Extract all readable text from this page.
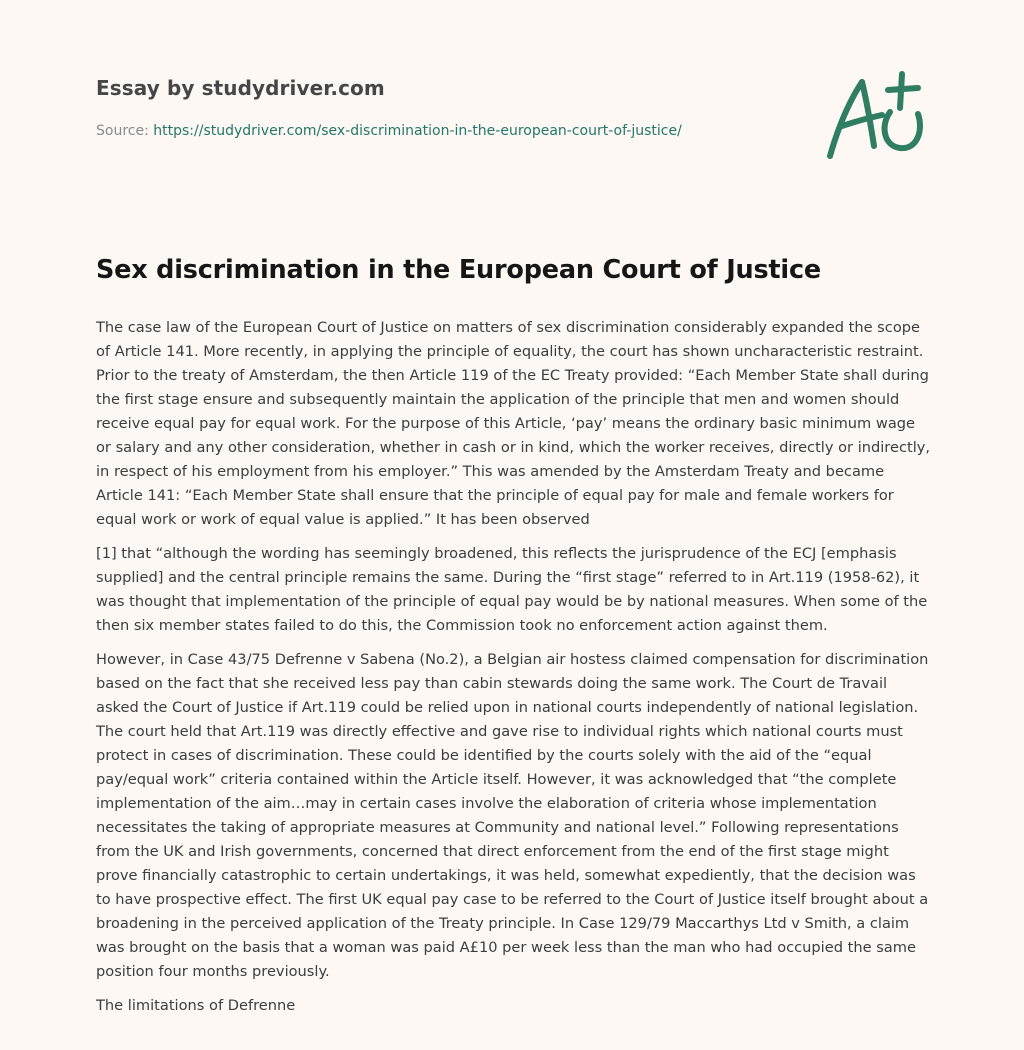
Essay by studydriver.com
Source: https://studydriver.com/sex-discrimination-in-the-european-court-of-justice/
Sex discrimination in the European Court of Justice

The case law of the European Court of Justice on matters of sex discrimination considerably expanded the scope of Article 141. More recently, in applying the principle of equality, the court has shown uncharacteristic restraint. Prior to the treaty of Amsterdam, the then Article 119 of the EC Treaty provided: “Each Member State shall during the first stage ensure and subsequently maintain the application of the principle that men and women should receive equal pay for equal work. For the purpose of this Article, ‘pay’ means the ordinary basic minimum wage or salary and any other consideration, whether in cash or in kind, which the worker receives, directly or indirectly, in respect of his employment from his employer.” This was amended by the Amsterdam Treaty and became Article 141: “Each Member State shall ensure that the principle of equal pay for male and female workers for equal work or work of equal value is applied.” It has been observed

[1] that “although the wording has seemingly broadened, this reflects the jurisprudence of the ECJ [emphasis supplied] and the central principle remains the same. During the “first stage” referred to in Art.119 (1958-62), it was thought that implementation of the principle of equal pay would be by national measures. When some of the then six member states failed to do this, the Commission took no enforcement action against them.

However, in Case 43/75 Defrenne v Sabena (No.2), a Belgian air hostess claimed compensation for discrimination based on the fact that she received less pay than cabin stewards doing the same work. The Court de Travail asked the Court of Justice if Art.119 could be relied upon in national courts independently of national legislation. The court held that Art.119 was directly effective and gave rise to individual rights which national courts must protect in cases of discrimination. These could be identified by the courts solely with the aid of the “equal pay/equal work” criteria contained within the Article itself. However, it was acknowledged that “the complete implementation of the aim…may in certain cases involve the elaboration of criteria whose implementation necessitates the taking of appropriate measures at Community and national level.” Following representations from the UK and Irish governments, concerned that direct enforcement from the end of the first stage might prove financially catastrophic to certain undertakings, it was held, somewhat expediently, that the decision was to have prospective effect. The first UK equal pay case to be referred to the Court of Justice itself brought about a broadening in the perceived application of the Treaty principle. In Case 129/79 Maccarthys Ltd v Smith, a claim was brought on the basis that a woman was paid A£10 per week less than the man who had occupied the same position four months previously.

The limitations of Defrenne
